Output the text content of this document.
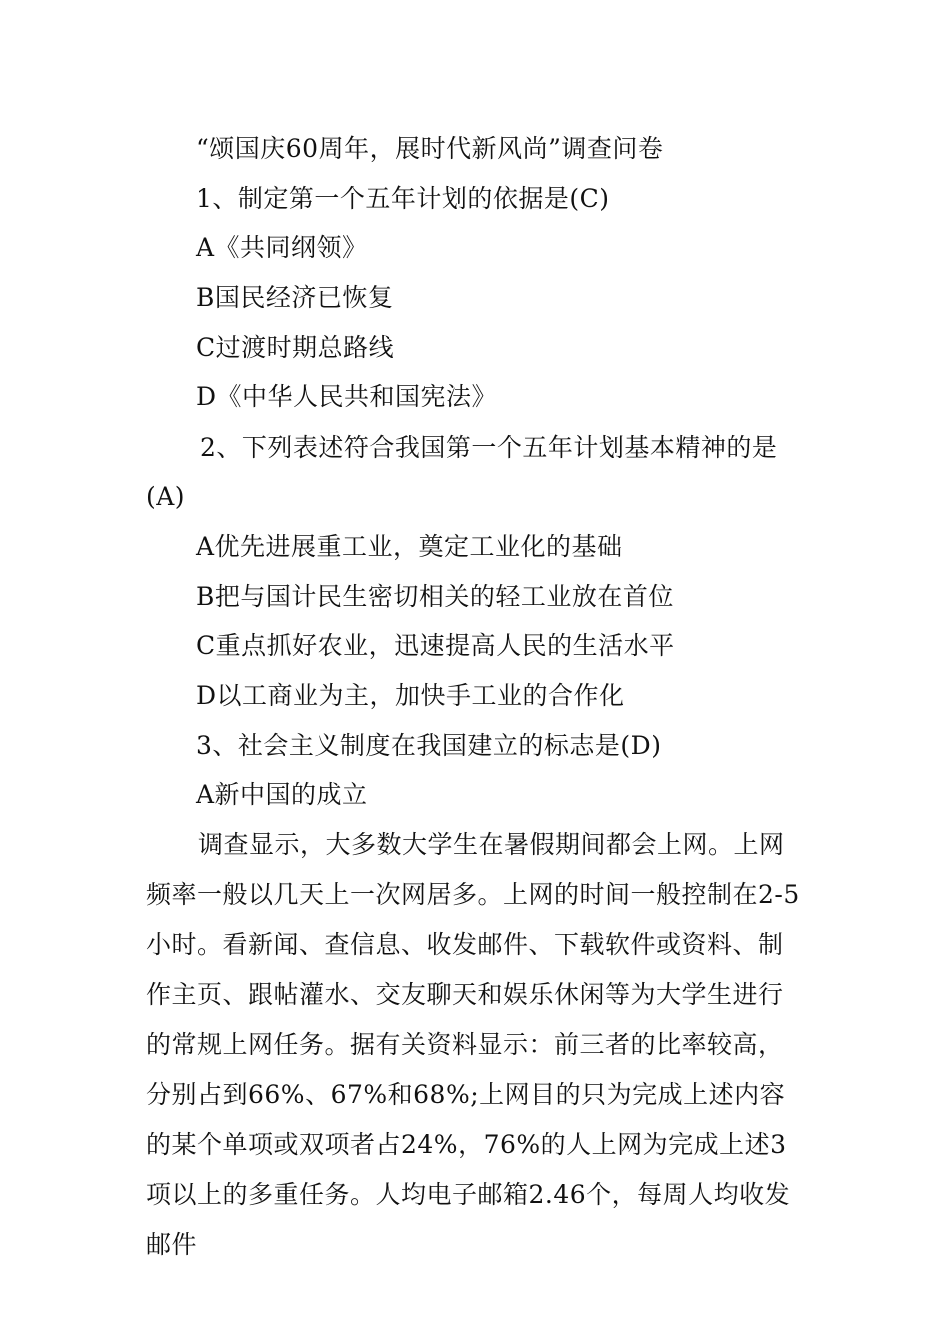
“颂国庆60周年，展时代新风尚”调查问卷
1、制定第一个五年计划的依据是(C)
A《共同纲领》
B国民经济已恢复
C过渡时期总路线
D《中华人民共和国宪法》
2、下列表述符合我国第一个五年计划基本精神的是
(A)
A优先进展重工业，奠定工业化的基础
B把与国计民生密切相关的轻工业放在首位
C重点抓好农业，迅速提高人民的生活水平
D以工商业为主，加快手工业的合作化
3、社会主义制度在我国建立的标志是(D)
A新中国的成立
调查显示，大多数大学生在暑假期间都会上网。上网频率一般以几天上一次网居多。上网的时间一般控制在2-5小时。看新闻、查信息、收发邮件、下载软件或资料、制作主页、跟帖灌水、交友聊天和娱乐休闲等为大学生进行的常规上网任务。据有关资料显示：前三者的比率较高，分别占到66%、67%和68%;上网目的只为完成上述内容的某个单项或双项者占24%，76%的人上网为完成上述3项以上的多重任务。人均电子邮箱2.46个，每周人均收发邮件
